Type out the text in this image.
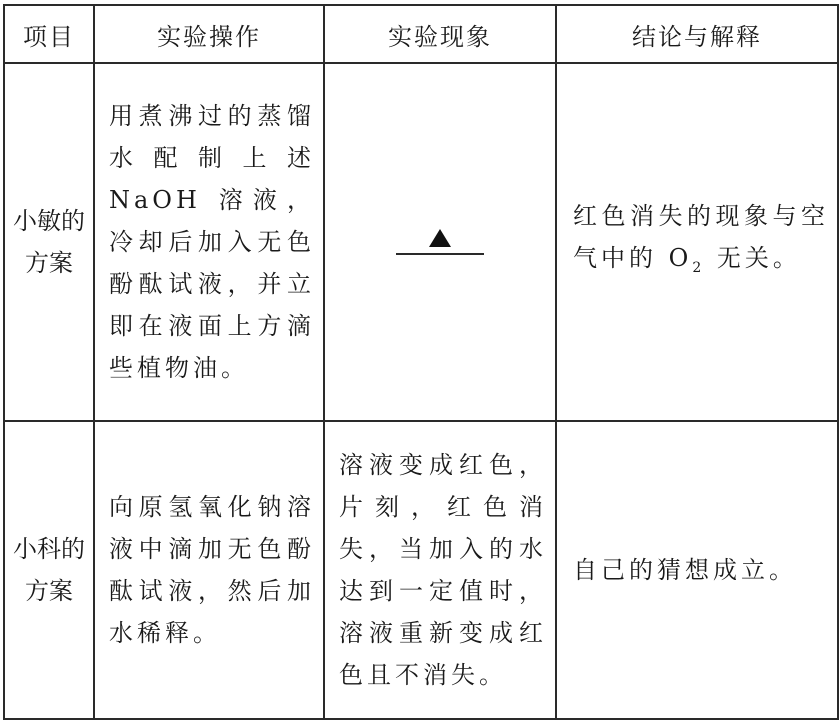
项目	实验操作	实验现象	结论与解释

小敏的
方案	用煮沸过的蒸馏水配制上述NaOH 溶液，冷却后加入无色酚酞试液，并立即在液面上方滴些植物油。		红色消失的现象与空气中的 $O_2$ 无关。

小科的
方案	向原氢氧化钠溶液中滴加无色酚酞试液，然后加水稀释。	溶液变成红色，片刻，红色消失，当加入的水达到一定值时，溶液重新变成红色且不消失。	自己的猜想成立。
